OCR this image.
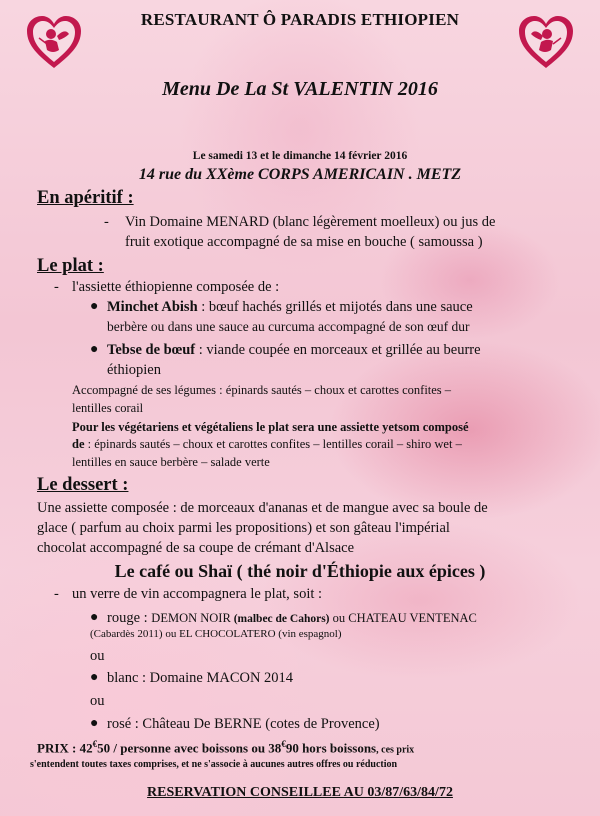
RESTAURANT Ô PARADIS ETHIOPIEN
Menu De La St VALENTIN 2016
Le samedi 13 et le dimanche 14 février 2016
14 rue du XXème CORPS AMERICAIN . METZ
En apéritif :
- Vin Domaine MENARD (blanc légèrement moelleux) ou jus de
fruit exotique accompagné de sa mise en bouche ( samoussa )
Le plat :
- l'assiette éthiopienne composée de :
● Minchet Abish : bœuf hachés grillés et mijotés dans une sauce
berbère ou dans une sauce au curcuma accompagné de son œuf dur
● Tebse de bœuf : viande coupée en morceaux et grillée au beurre
éthiopien
Accompagné de ses légumes : épinards sautés – choux et carottes confites –
lentilles corail
Pour les végétariens et végétaliens le plat sera une assiette yetsom composé
de : épinards sautés – choux et carottes confites – lentilles corail – shiro wet –
lentilles en sauce berbère – salade verte
Le dessert :
Une assiette composée : de morceaux d'ananas et de mangue avec sa boule de
glace ( parfum au choix parmi les propositions) et son gâteau l'impérial
chocolat accompagné de sa coupe de crémant d'Alsace
Le café ou Shaï ( thé noir d'Éthiopie aux épices )
- un verre de vin accompagnera le plat, soit :
● rouge : DEMON NOIR (malbec de Cahors) ou CHATEAU VENTENAC
(Cabardès 2011) ou EL CHOCOLATERO (vin espagnol)
ou
● blanc : Domaine MACON 2014
ou
● rosé : Château De BERNE (cotes de Provence)
PRIX : 42€50 / personne avec boissons ou 38€90 hors boissons, ces prix
s'entendent toutes taxes comprises, et ne s'associe à aucunes autres offres ou réduction
RESERVATION CONSEILLEE AU 03/87/63/84/72
